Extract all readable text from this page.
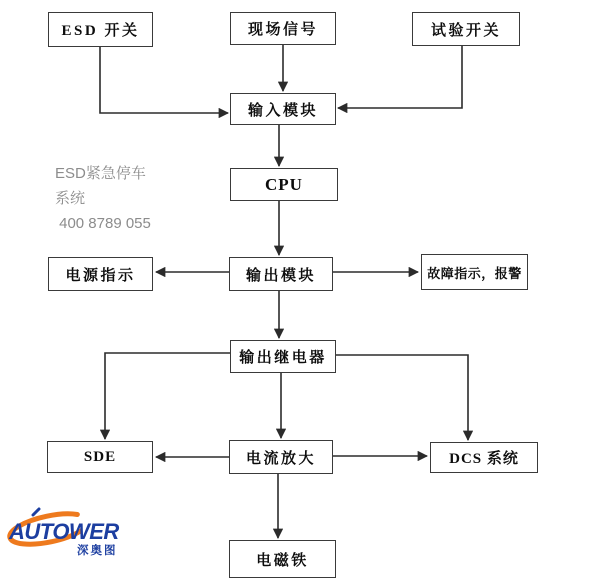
ESD 开关	现场信号	试验开关
输入模块
CPU
输出模块
电源指示	故障指示，报警
输出继电器
SDE	电流放大	DCS 系统
电磁铁
ESD紧急停车系统
400 8789 055
AUTOWER
深奥图
